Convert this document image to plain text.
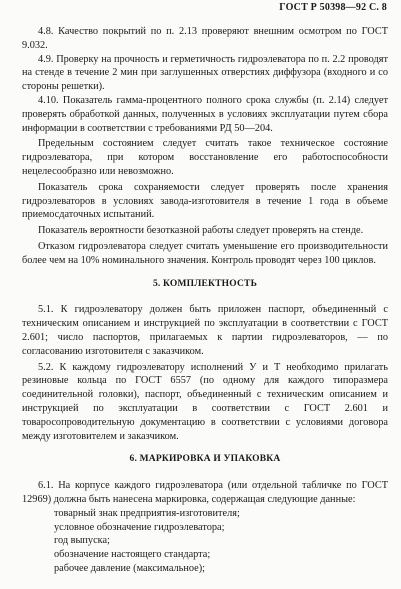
ГОСТ Р 50398—92 С. 8

4.8. Качество покрытий по п. 2.13 проверяют внешним осмотром по ГОСТ 9.032.

4.9. Проверку на прочность и герметичность гидроэлеватора по п. 2.2 проводят на стенде в течение 2 мин при заглушенных отверстиях диффузора (входного и со стороны решетки).

4.10. Показатель гамма-процентного полного срока службы (п. 2.14) следует проверять обработкой данных, полученных в условиях эксплуатации путем сбора информации в соответствии с требованиями РД 50—204.

Предельным состоянием следует считать такое техническое состояние гидроэлеватора, при котором восстановление его работоспособности нецелесообразно или невозможно.

Показатель срока сохраняемости следует проверять после хранения гидроэлеваторов в условиях завода-изготовителя в течение 1 года в объеме приемосдаточных испытаний.

Показатель вероятности безотказной работы следует проверять на стенде.

Отказом гидроэлеватора следует считать уменьшение его производительности более чем на 10% номинального значения. Контроль проводят через 100 циклов.

5. КОМПЛЕКТНОСТЬ

5.1. К гидроэлеватору должен быть приложен паспорт, объединенный с техническим описанием и инструкцией по эксплуатации в соответствии с ГОСТ 2.601; число паспортов, прилагаемых к партии гидроэлеваторов, — по согласованию изготовителя с заказчиком.

5.2. К каждому гидроэлеватору исполнений У и Т необходимо прилагать резиновые кольца по ГОСТ 6557 (по одному для каждого типоразмера соединительной головки), паспорт, объединенный с техническим описанием и инструкцией по эксплуатации в соответствии с ГОСТ 2.601 и товаросопроводительную документацию в соответствии с условиями договора между изготовителем и заказчиком.

6. МАРКИРОВКА И УПАКОВКА

6.1. На корпусе каждого гидроэлеватора (или отдельной табличке по ГОСТ 12969) должна быть нанесена маркировка, содержащая следующие данные:

товарный знак предприятия-изготовителя;
условное обозначение гидроэлеватора;
год выпуска;
обозначение настоящего стандарта;
рабочее давление (максимальное);
